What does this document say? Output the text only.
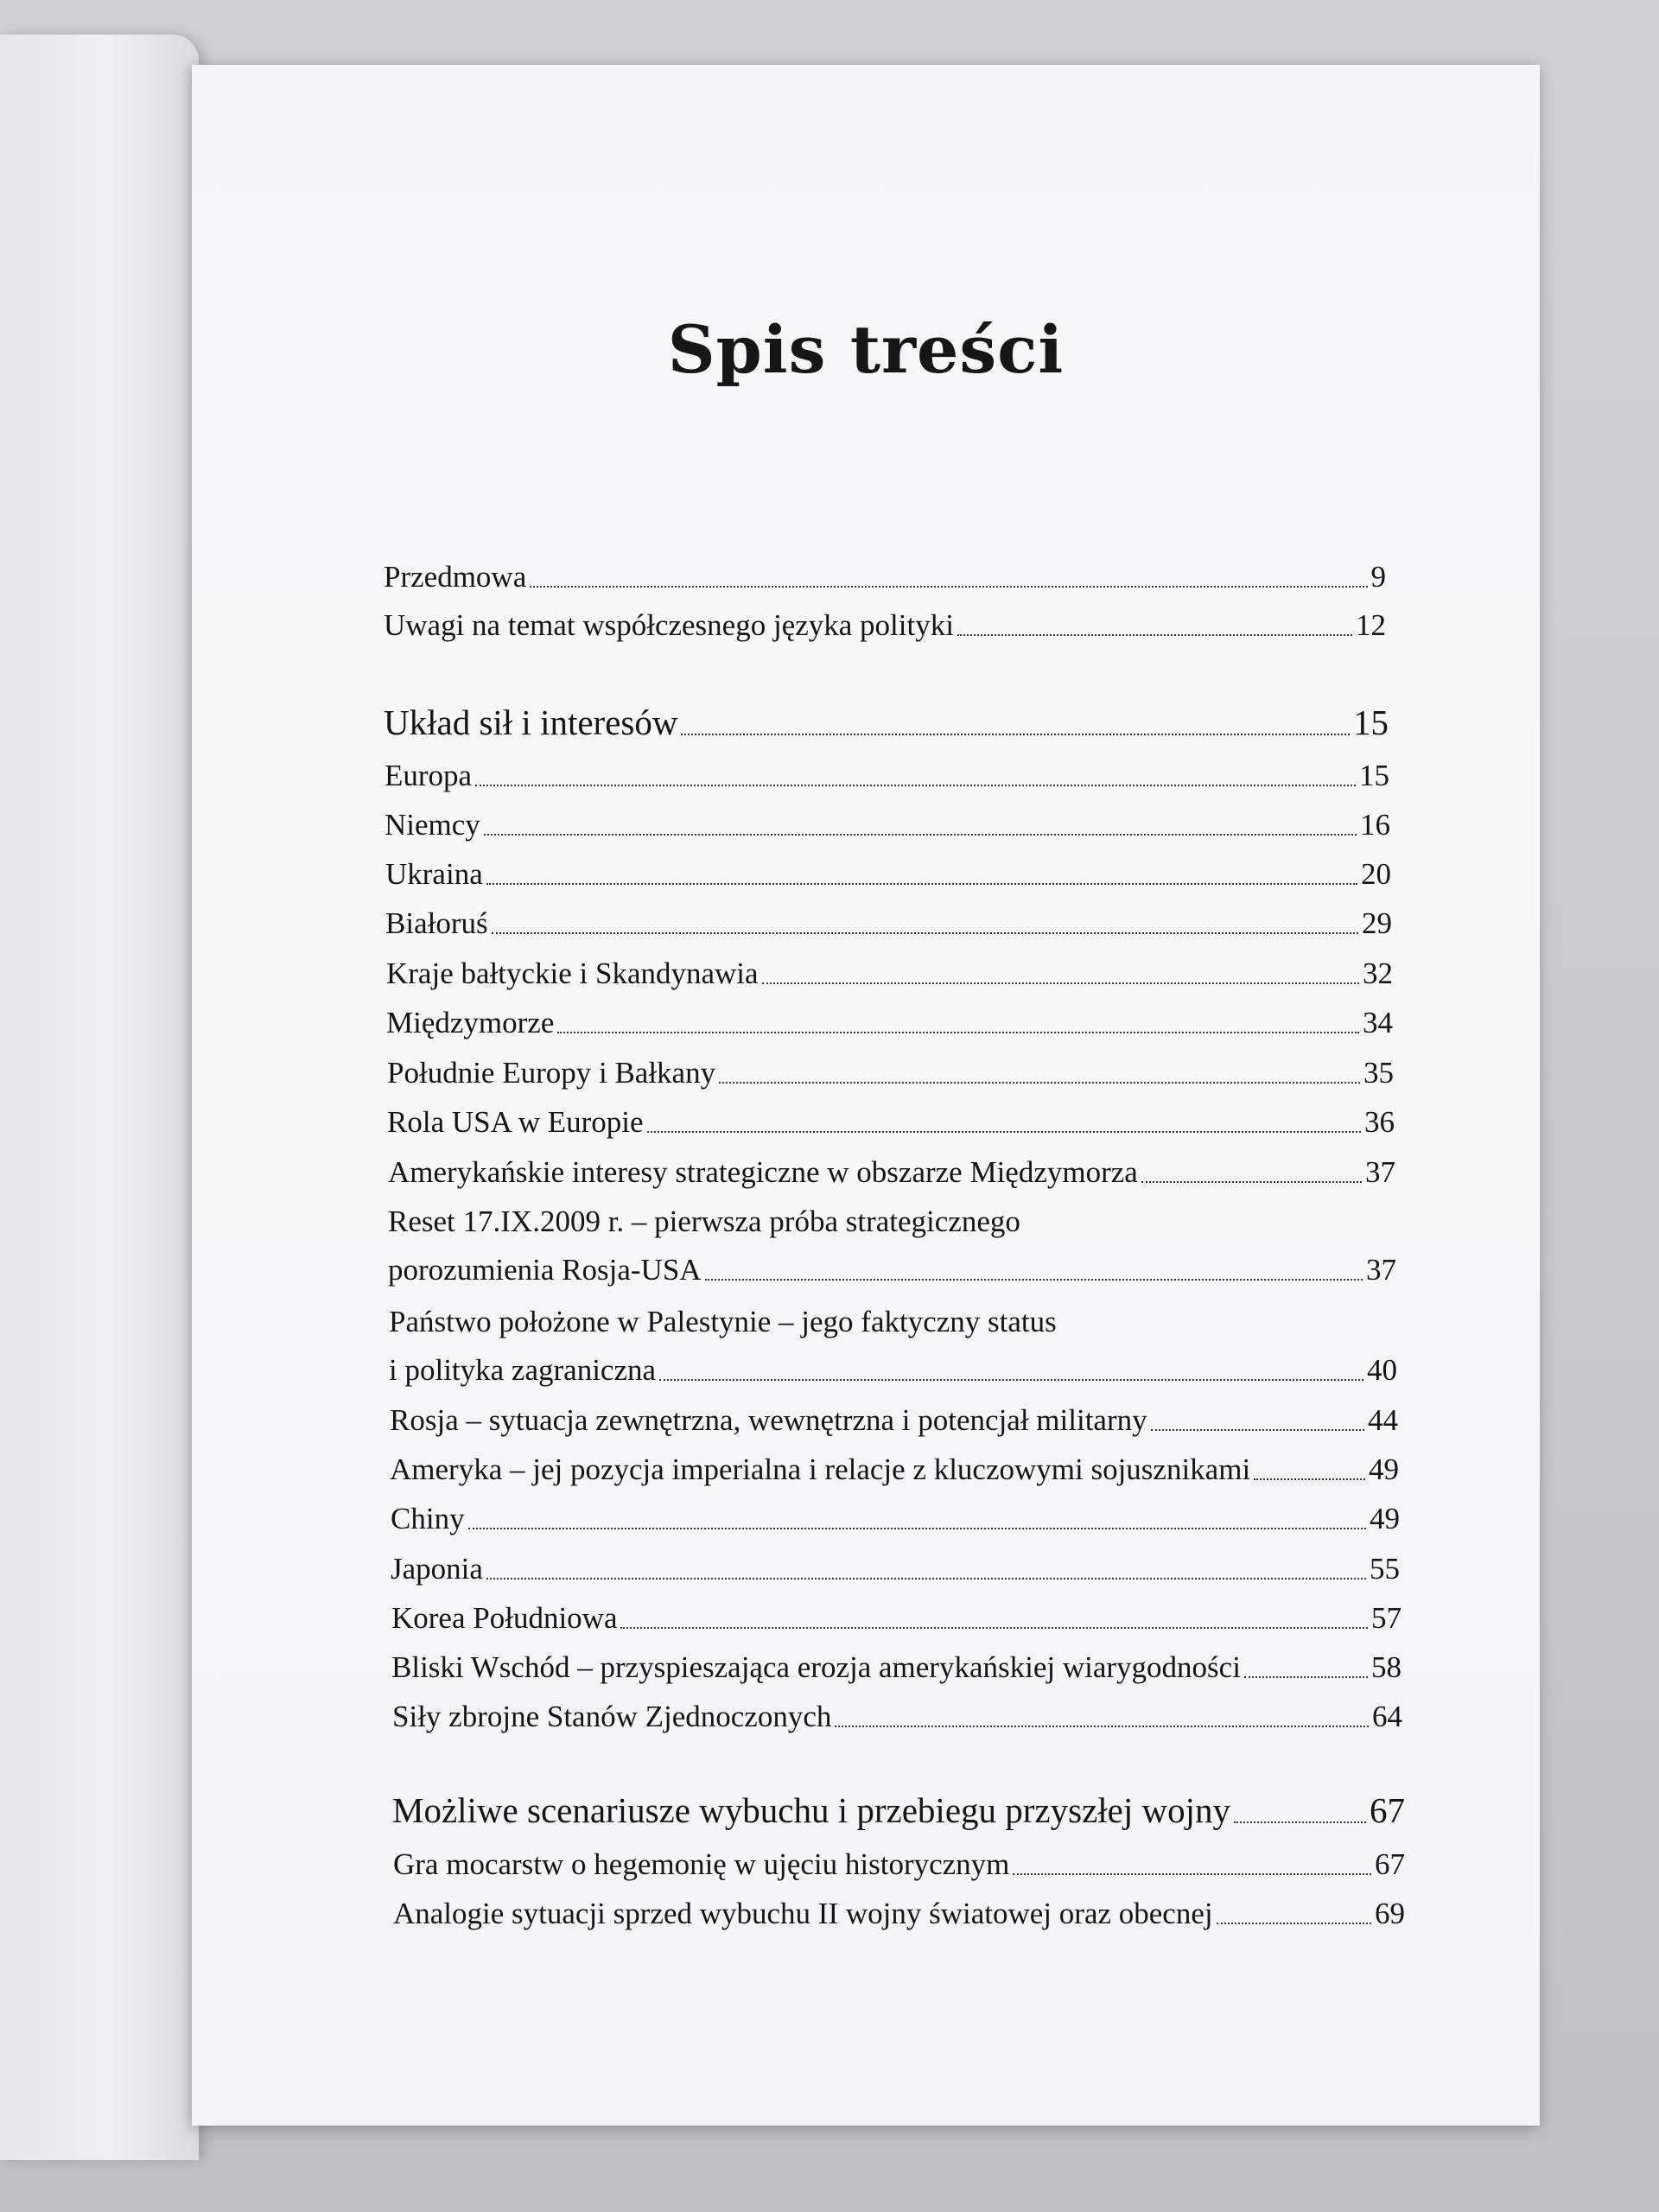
Spis treści
Przedmowa	9
Uwagi na temat współczesnego języka polityki	12
Układ sił i interesów	15
Europa	15
Niemcy	16
Ukraina	20
Białoruś	29
Kraje bałtyckie i Skandynawia	32
Międzymorze	34
Południe Europy i Bałkany	35
Rola USA w Europie	36
Amerykańskie interesy strategiczne w obszarze Międzymorza	37
Reset 17.IX.2009 r. – pierwsza próba strategicznego
porozumienia Rosja-USA	37
Państwo położone w Palestynie – jego faktyczny status
i polityka zagraniczna	40
Rosja – sytuacja zewnętrzna, wewnętrzna i potencjał militarny	44
Ameryka – jej pozycja imperialna i relacje z kluczowymi sojusznikami	49
Chiny	49
Japonia	55
Korea Południowa	57
Bliski Wschód – przyspieszająca erozja amerykańskiej wiarygodności	58
Siły zbrojne Stanów Zjednoczonych	64
Możliwe scenariusze wybuchu i przebiegu przyszłej wojny	67
Gra mocarstw o hegemonię w ujęciu historycznym	67
Analogie sytuacji sprzed wybuchu II wojny światowej oraz obecnej	69
